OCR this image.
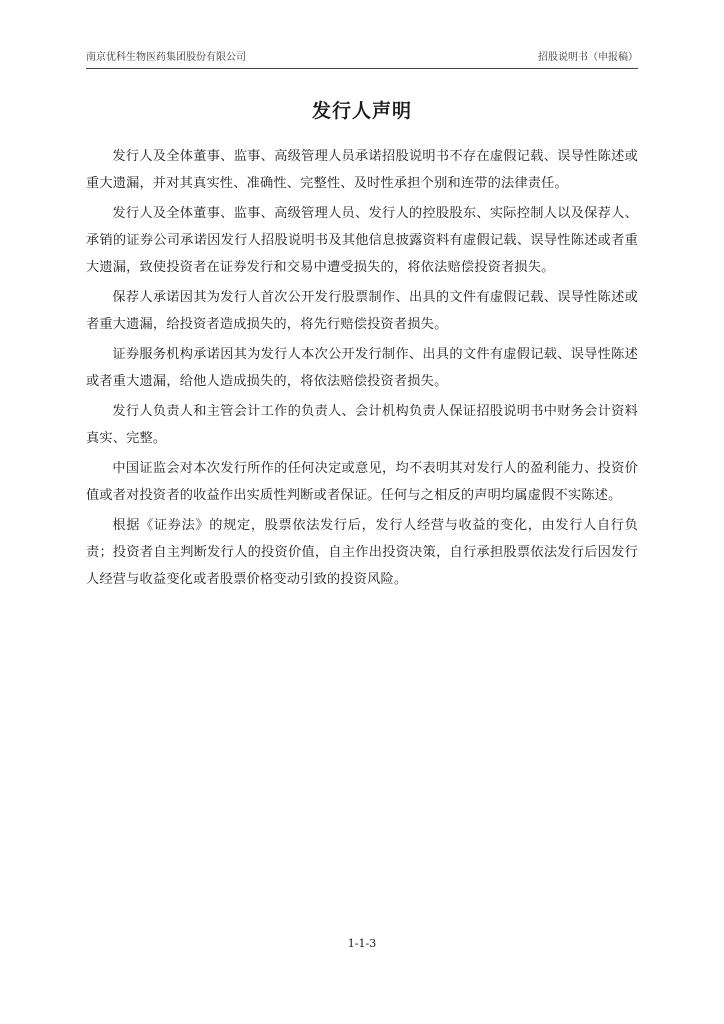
南京优科生物医药集团股份有限公司	招股说明书（申报稿）
发行人声明

发行人及全体董事、监事、高级管理人员承诺招股说明书不存在虚假记载、误导性陈述或重大遗漏，并对其真实性、准确性、完整性、及时性承担个别和连带的法律责任。

发行人及全体董事、监事、高级管理人员、发行人的控股股东、实际控制人以及保荐人、承销的证券公司承诺因发行人招股说明书及其他信息披露资料有虚假记载、误导性陈述或者重大遗漏，致使投资者在证券发行和交易中遭受损失的，将依法赔偿投资者损失。

保荐人承诺因其为发行人首次公开发行股票制作、出具的文件有虚假记载、误导性陈述或者重大遗漏，给投资者造成损失的，将先行赔偿投资者损失。

证券服务机构承诺因其为发行人本次公开发行制作、出具的文件有虚假记载、误导性陈述或者重大遗漏，给他人造成损失的，将依法赔偿投资者损失。

发行人负责人和主管会计工作的负责人、会计机构负责人保证招股说明书中财务会计资料真实、完整。

中国证监会对本次发行所作的任何决定或意见，均不表明其对发行人的盈利能力、投资价值或者对投资者的收益作出实质性判断或者保证。任何与之相反的声明均属虚假不实陈述。

根据《证券法》的规定，股票依法发行后，发行人经营与收益的变化，由发行人自行负责；投资者自主判断发行人的投资价值，自主作出投资决策，自行承担股票依法发行后因发行人经营与收益变化或者股票价格变动引致的投资风险。

1-1-3
